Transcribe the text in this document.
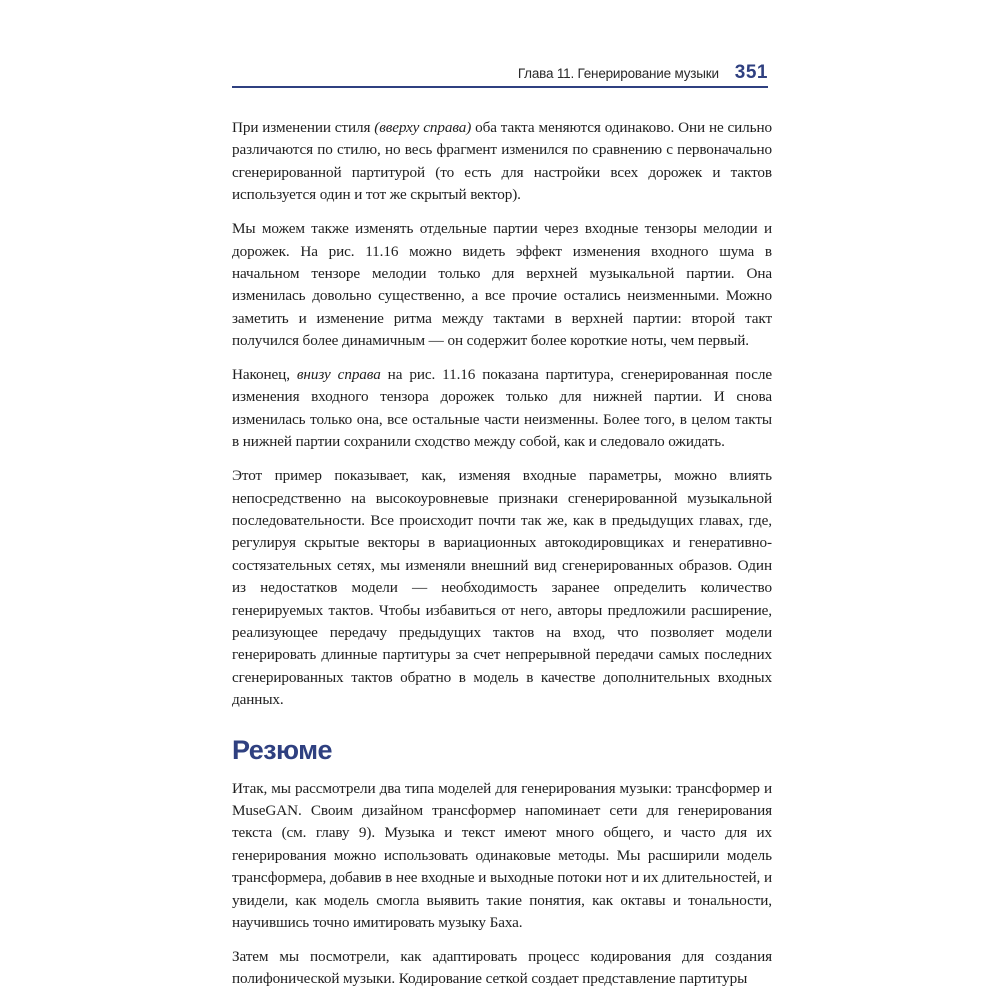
Глава 11. Генерирование музыки 351

При изменении стиля (вверху справа) оба такта меняются одинаково. Они не сильно различаются по стилю, но весь фрагмент изменился по сравнению с первоначально сгенерированной партитурой (то есть для настройки всех дорожек и тактов используется один и тот же скрытый вектор).

Мы можем также изменять отдельные партии через входные тензоры мелодии и дорожек. На рис. 11.16 можно видеть эффект изменения входного шума в начальном тензоре мелодии только для верхней музыкальной партии. Она изменилась довольно существенно, а все прочие остались неизменными. Можно заметить и изменение ритма между тактами в верхней партии: второй такт получился более динамичным — он содержит более короткие ноты, чем первый.

Наконец, внизу справа на рис. 11.16 показана партитура, сгенерированная после изменения входного тензора дорожек только для нижней партии. И снова изменилась только она, все остальные части неизменны. Более того, в целом такты в нижней партии сохранили сходство между собой, как и следовало ожидать.

Этот пример показывает, как, изменяя входные параметры, можно влиять непосредственно на высокоуровневые признаки сгенерированной музыкальной последовательности. Все происходит почти так же, как в предыдущих главах, где, регулируя скрытые векторы в вариационных автокодировщиках и генеративно-состязательных сетях, мы изменяли внешний вид сгенерированных образов. Один из недостатков модели — необходимость заранее определить количество генерируемых тактов. Чтобы избавиться от него, авторы предложили расширение, реализующее передачу предыдущих тактов на вход, что позволяет модели генерировать длинные партитуры за счет непрерывной передачи самых последних сгенерированных тактов обратно в модель в качестве дополнительных входных данных.

Резюме

Итак, мы рассмотрели два типа моделей для генерирования музыки: трансформер и MuseGAN. Своим дизайном трансформер напоминает сети для генерирования текста (см. главу 9). Музыка и текст имеют много общего, и часто для их генерирования можно использовать одинаковые методы. Мы расширили модель трансформера, добавив в нее входные и выходные потоки нот и их длительностей, и увидели, как модель смогла выявить такие понятия, как октавы и тональности, научившись точно имитировать музыку Баха.

Затем мы посмотрели, как адаптировать процесс кодирования для создания полифонической музыки. Кодирование сеткой создает представление партитуры
